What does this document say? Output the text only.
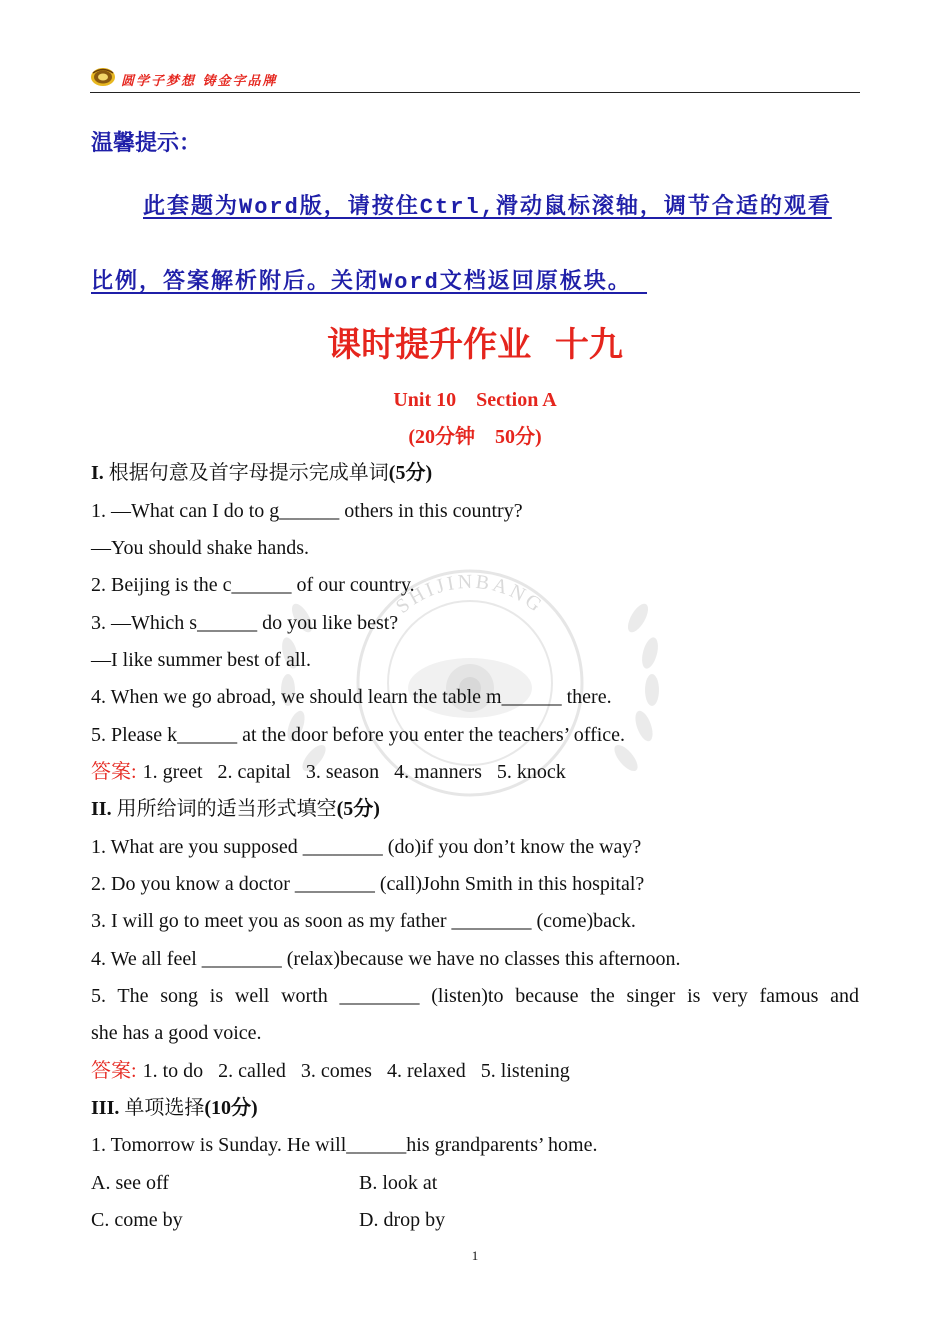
圆学子梦想 铸金字品牌
温馨提示：
此套题为Word版，请按住Ctrl,滑动鼠标滚轴，调节合适的观看
比例，答案解析附后。关闭Word文档返回原板块。
课时提升作业  十九
Unit 10    Section A
(20分钟    50分)
SHIJINBANG
I. 根据句意及首字母提示完成单词(5分)
1. —What can I do to g______ others in this country?
—You should shake hands.
2. Beijing is the c______ of our country.
3. —Which s______ do you like best?
—I like summer best of all.
4. When we go abroad, we should learn the table m______ there.
5. Please k______ at the door before you enter the teachers’ office.
答案: 1. greet   2. capital   3. season   4. manners   5. knock
II. 用所给词的适当形式填空(5分)
1. What are you supposed ________ (do)if you don’t know the way?
2. Do you know a doctor ________ (call)John Smith in this hospital?
3. I will go to meet you as soon as my father ________ (come)back.
4. We all feel ________ (relax)because we have no classes this afternoon.
5. The song is well worth ________ (listen)to because the singer is very famous and
she has a good voice.
答案: 1. to do   2. called   3. comes   4. relaxed   5. listening
III. 单项选择(10分)
1. Tomorrow is Sunday. He will______his grandparents’ home.
A. see off	B. look at
C. come by	D. drop by
1
